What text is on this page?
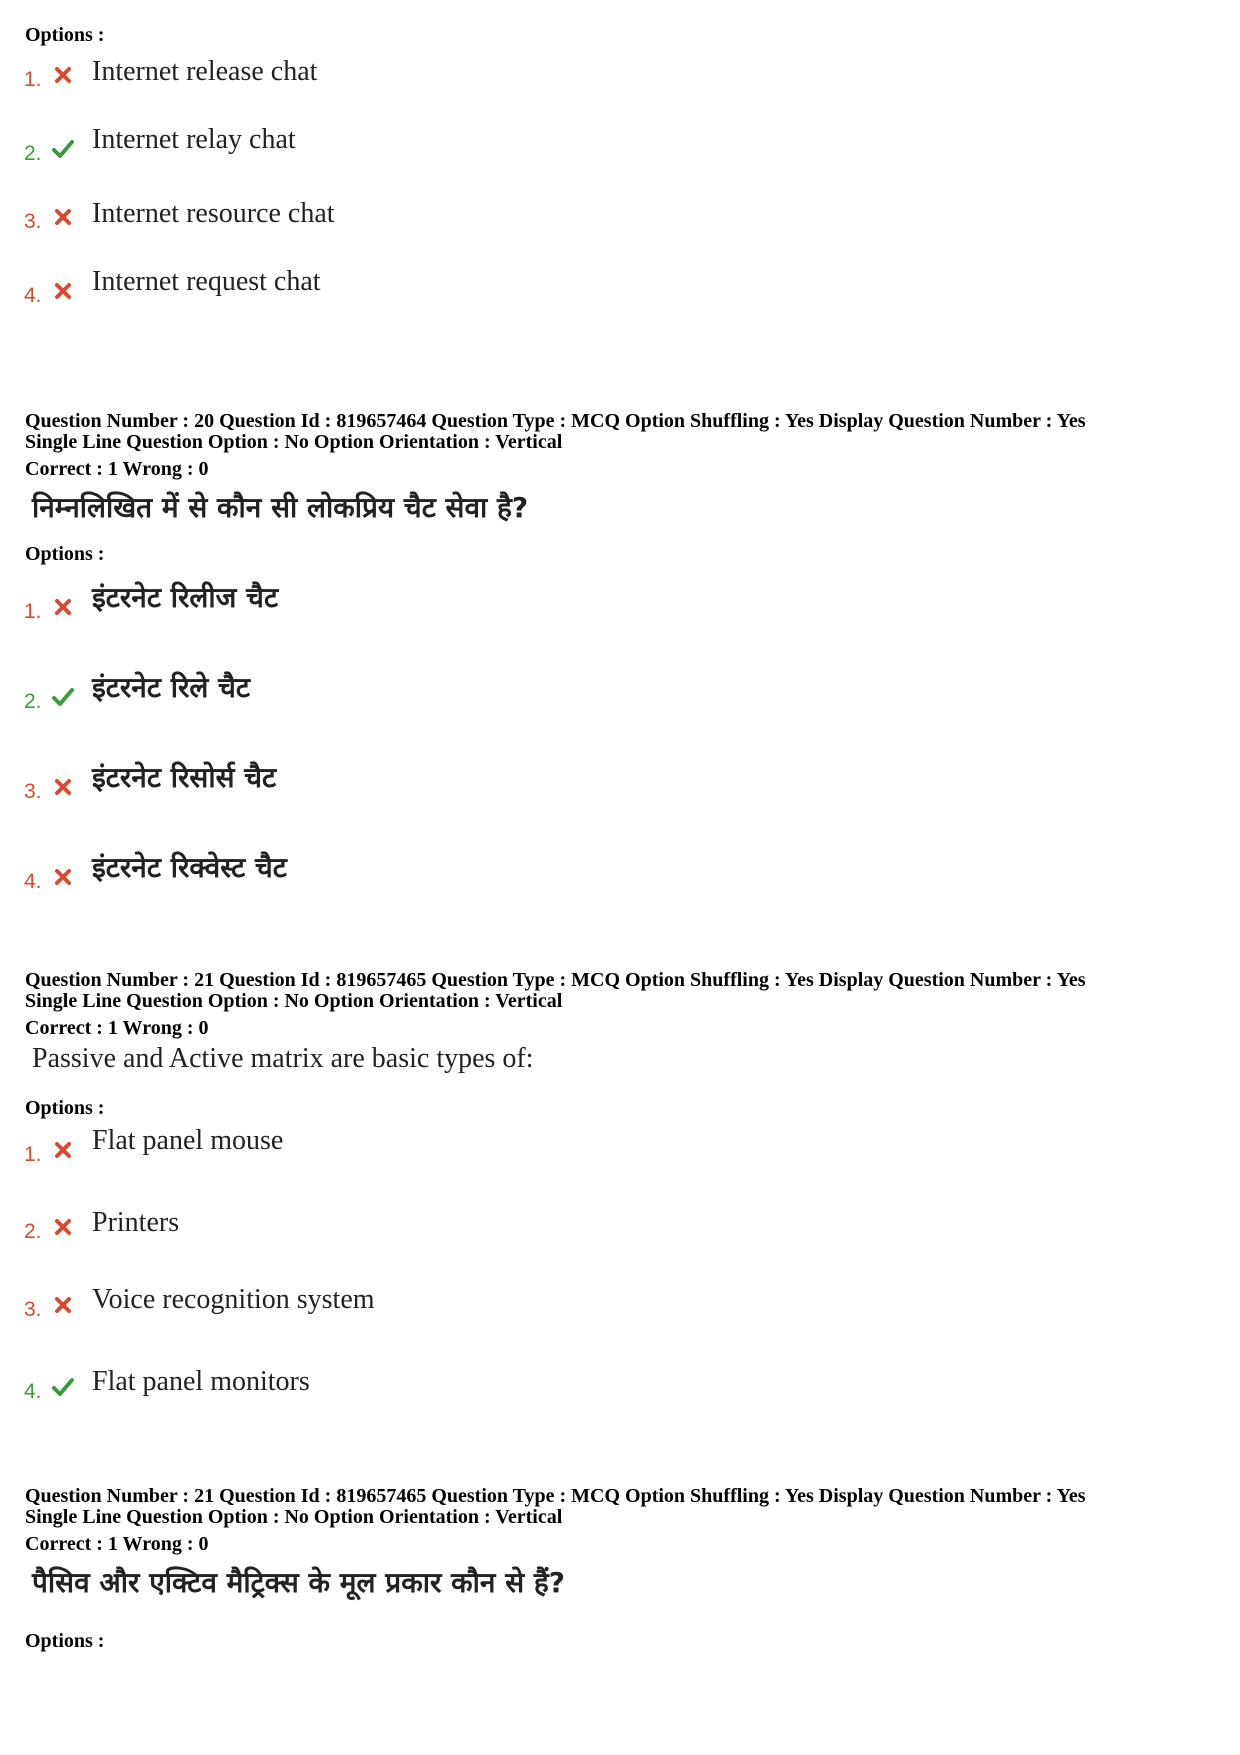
Options :
1. Internet release chat
2. Internet relay chat
3. Internet resource chat
4. Internet request chat
Question Number : 20 Question Id : 819657464 Question Type : MCQ Option Shuffling : Yes Display Question Number : Yes
Single Line Question Option : No Option Orientation : Vertical
Correct : 1 Wrong : 0
निम्नलिखित में से कौन सी लोकप्रिय चैट सेवा है?
Options :
1. इंटरनेट रिलीज चैट
2. इंटरनेट रिले चैट
3. इंटरनेट रिसोर्स चैट
4. इंटरनेट रिक्वेस्ट चैट
Question Number : 21 Question Id : 819657465 Question Type : MCQ Option Shuffling : Yes Display Question Number : Yes
Single Line Question Option : No Option Orientation : Vertical
Correct : 1 Wrong : 0
Passive and Active matrix are basic types of:
Options :
1. Flat panel mouse
2. Printers
3. Voice recognition system
4. Flat panel monitors
Question Number : 21 Question Id : 819657465 Question Type : MCQ Option Shuffling : Yes Display Question Number : Yes
Single Line Question Option : No Option Orientation : Vertical
Correct : 1 Wrong : 0
पैसिव और एक्टिव मैट्रिक्स के मूल प्रकार कौन से हैं?
Options :
